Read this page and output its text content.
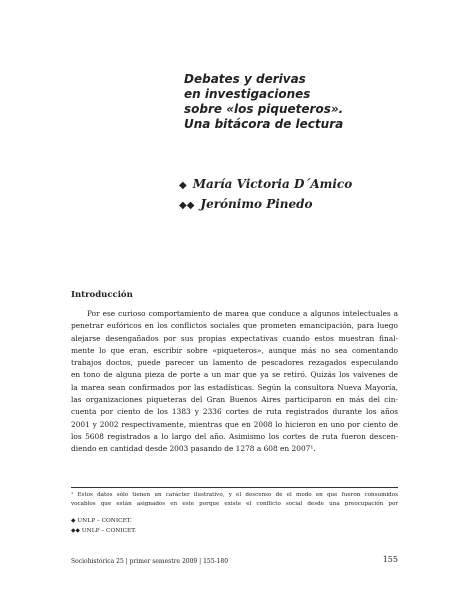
Debates y derivas
en investigaciones
sobre «los piqueteros».
Una bitácora de lectura
◆ María Victoria D´Amico
◆◆ Jerónimo Pinedo
Introducción
Por ese curioso comportamiento de marea que conduce a algunos intelectuales a
penetrar eufóricos en los conflictos sociales que prometen emancipación, para luego
alejarse desengañados por sus propias expectativas cuando estos muestran final-
mente lo que eran, escribir sobre «piqueteros», aunque más no sea comentando
trabajos doctos, puede parecer un lamento de pescadores rezagados especulando
en tono de alguna pieza de porte a un mar que ya se retiró. Quizás los vaivenes de
la marea sean confirmados por las estadísticas. Según la consultora Nueva Mayoría,
las organizaciones piqueteras del Gran Buenos Aires participaron en más del cin-
cuenta por ciento de los 1383 y 2336 cortes de ruta registrados durante los años
2001 y 2002 respectivamente, mientras que en 2008 lo hicieron en uno por ciento de
los 5608 registrados a lo largo del año. Asimismo los cortes de ruta fueron descen-
diendo en cantidad desde 2003 pasando de 1278 a 608 en 2007¹.
¹ Estos datos sólo tienen un carácter ilustrativo, y el descenso de el modo en que fueron consumidos
vocablos que están asignados en este porque existe el conflicto social desde una preocupación por
◆ UNLP – CONICET.
◆◆ UNLP – CONICET.
Sociohistórica 25 | primer semestre 2009 | 155-180	155
